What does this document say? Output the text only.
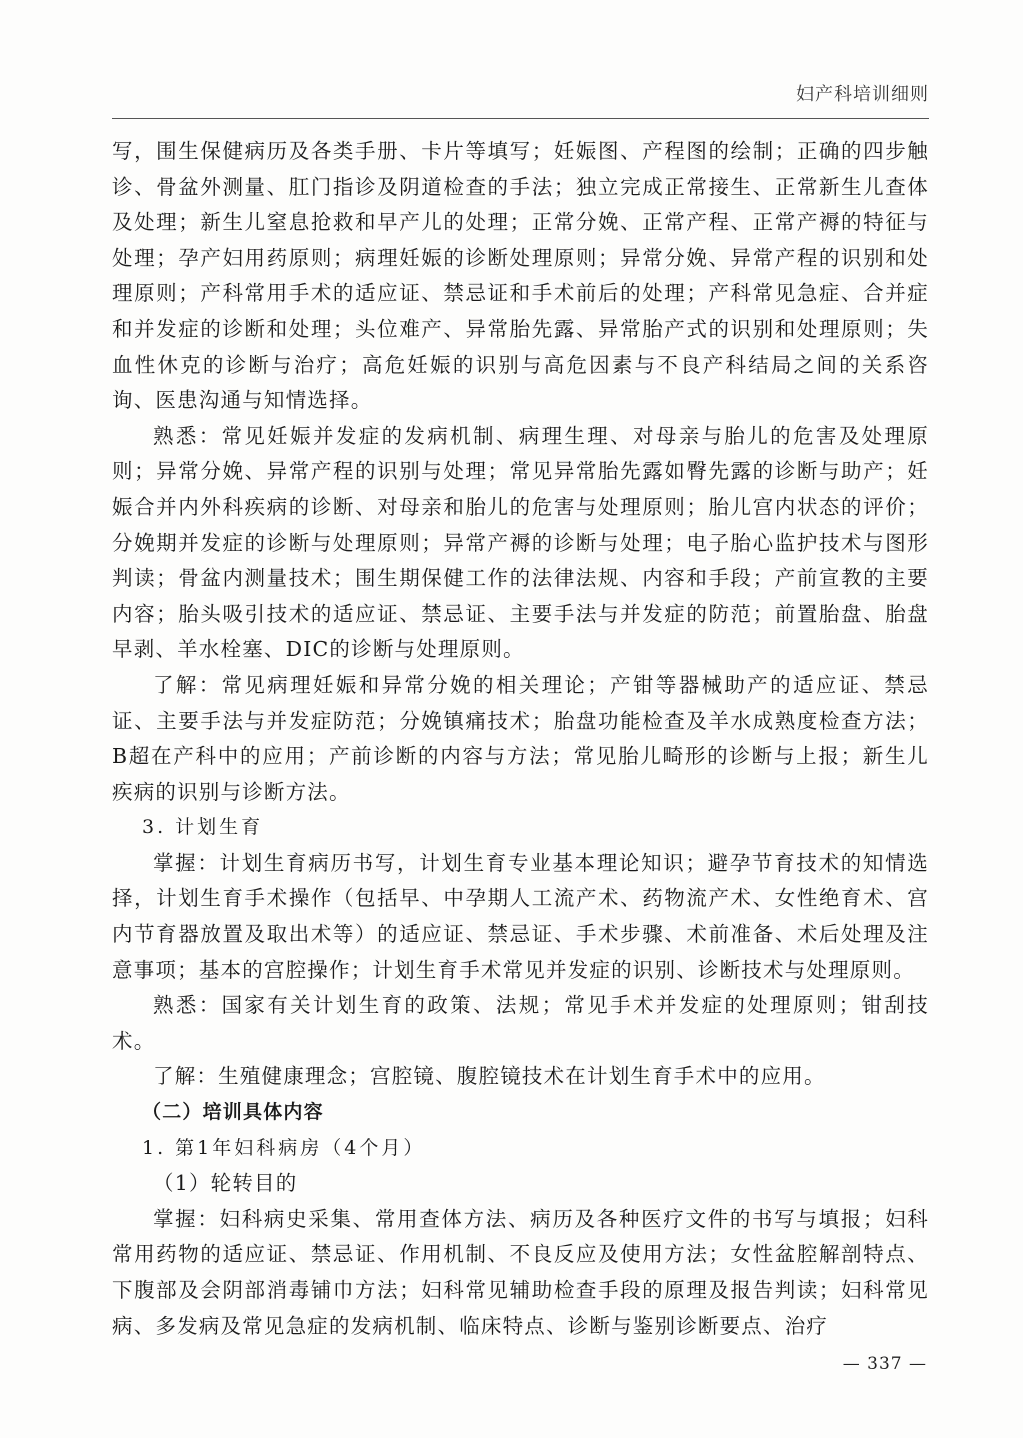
妇产科培训细则

写，围生保健病历及各类手册、卡片等填写；妊娠图、产程图的绘制；正确的四步触诊、骨盆外测量、肛门指诊及阴道检查的手法；独立完成正常接生、正常新生儿查体及处理；新生儿窒息抢救和早产儿的处理；正常分娩、正常产程、正常产褥的特征与处理；孕产妇用药原则；病理妊娠的诊断处理原则；异常分娩、异常产程的识别和处理原则；产科常用手术的适应证、禁忌证和手术前后的处理；产科常见急症、合并症和并发症的诊断和处理；头位难产、异常胎先露、异常胎产式的识别和处理原则；失血性休克的诊断与治疗；高危妊娠的识别与高危因素与不良产科结局之间的关系咨询、医患沟通与知情选择。

熟悉：常见妊娠并发症的发病机制、病理生理、对母亲与胎儿的危害及处理原则；异常分娩、异常产程的识别与处理；常见异常胎先露如臀先露的诊断与助产；妊娠合并内外科疾病的诊断、对母亲和胎儿的危害与处理原则；胎儿宫内状态的评价；分娩期并发症的诊断与处理原则；异常产褥的诊断与处理；电子胎心监护技术与图形判读；骨盆内测量技术；围生期保健工作的法律法规、内容和手段；产前宣教的主要内容；胎头吸引技术的适应证、禁忌证、主要手法与并发症的防范；前置胎盘、胎盘早剥、羊水栓塞、DIC的诊断与处理原则。

了解：常见病理妊娠和异常分娩的相关理论；产钳等器械助产的适应证、禁忌证、主要手法与并发症防范；分娩镇痛技术；胎盘功能检查及羊水成熟度检查方法；B超在产科中的应用；产前诊断的内容与方法；常见胎儿畸形的诊断与上报；新生儿疾病的识别与诊断方法。

3. 计划生育

掌握：计划生育病历书写，计划生育专业基本理论知识；避孕节育技术的知情选择，计划生育手术操作（包括早、中孕期人工流产术、药物流产术、女性绝育术、宫内节育器放置及取出术等）的适应证、禁忌证、手术步骤、术前准备、术后处理及注意事项；基本的宫腔操作；计划生育手术常见并发症的识别、诊断技术与处理原则。

熟悉：国家有关计划生育的政策、法规；常见手术并发症的处理原则；钳刮技术。

了解：生殖健康理念；宫腔镜、腹腔镜技术在计划生育手术中的应用。

（二）培训具体内容

1. 第1年妇科病房（4个月）

（1）轮转目的

掌握：妇科病史采集、常用查体方法、病历及各种医疗文件的书写与填报；妇科常用药物的适应证、禁忌证、作用机制、不良反应及使用方法；女性盆腔解剖特点、下腹部及会阴部消毒铺巾方法；妇科常见辅助检查手段的原理及报告判读；妇科常见病、多发病及常见急症的发病机制、临床特点、诊断与鉴别诊断要点、治疗

— 337 —
